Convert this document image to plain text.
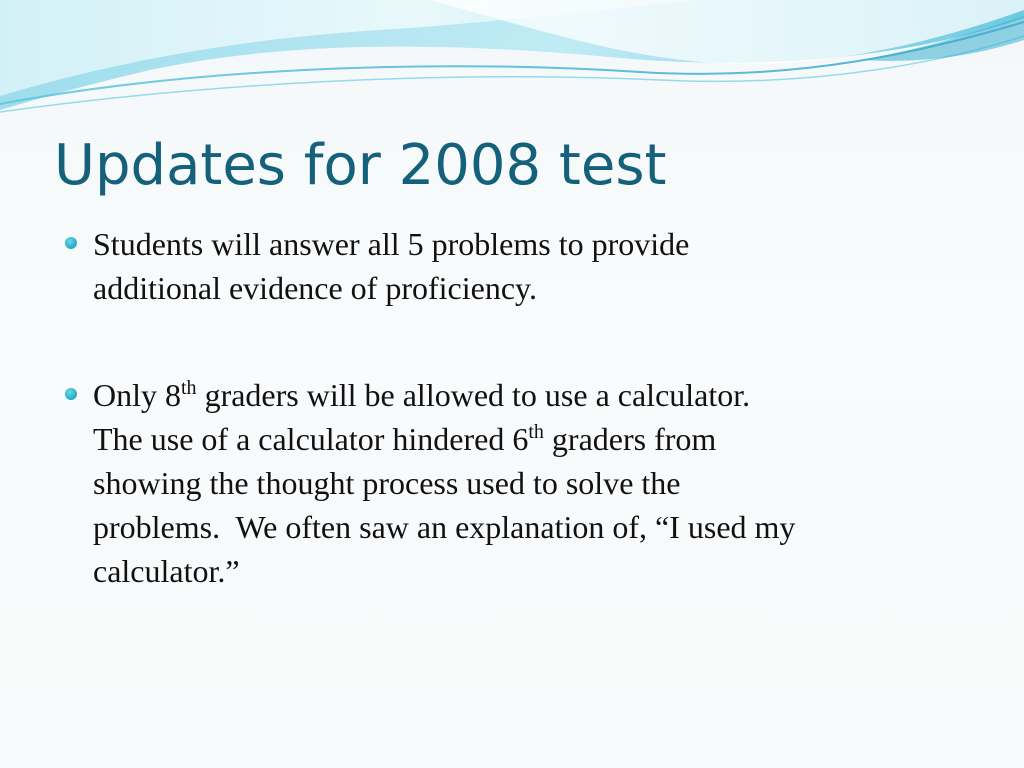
Updates for 2008 test
Students will answer all 5 problems to provide
additional evidence of proficiency.
Only 8th graders will be allowed to use a calculator.
The use of a calculator hindered 6th graders from
showing the thought process used to solve the
problems.  We often saw an explanation of, “I used my
calculator.”
